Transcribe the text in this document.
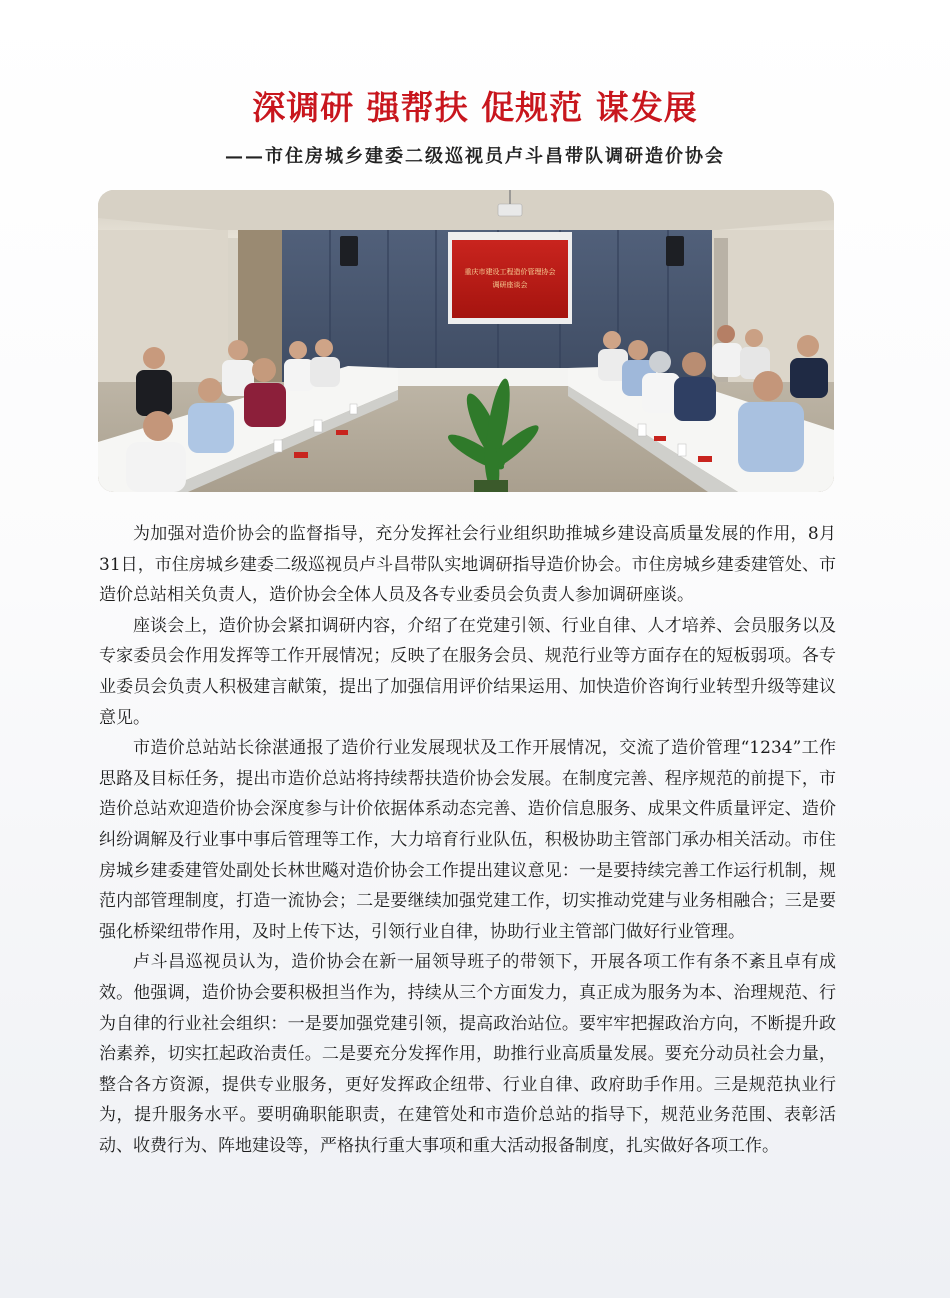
深调研 强帮扶 促规范 谋发展
——市住房城乡建委二级巡视员卢斗昌带队调研造价协会
重庆市建设工程造价管理协会
调研座谈会

为加强对造价协会的监督指导，充分发挥社会行业组织助推城乡建设高质量发展的作用，8月31日，市住房城乡建委二级巡视员卢斗昌带队实地调研指导造价协会。市住房城乡建委建管处、市造价总站相关负责人，造价协会全体人员及各专业委员会负责人参加调研座谈。

座谈会上，造价协会紧扣调研内容，介绍了在党建引领、行业自律、人才培养、会员服务以及专家委员会作用发挥等工作开展情况；反映了在服务会员、规范行业等方面存在的短板弱项。各专业委员会负责人积极建言献策，提出了加强信用评价结果运用、加快造价咨询行业转型升级等建议意见。

市造价总站站长徐湛通报了造价行业发展现状及工作开展情况，交流了造价管理“1234”工作思路及目标任务，提出市造价总站将持续帮扶造价协会发展。在制度完善、程序规范的前提下，市造价总站欢迎造价协会深度参与计价依据体系动态完善、造价信息服务、成果文件质量评定、造价纠纷调解及行业事中事后管理等工作，大力培育行业队伍，积极协助主管部门承办相关活动。市住房城乡建委建管处副处长林世飚对造价协会工作提出建议意见：一是要持续完善工作运行机制，规范内部管理制度，打造一流协会；二是要继续加强党建工作，切实推动党建与业务相融合；三是要强化桥梁纽带作用，及时上传下达，引领行业自律，协助行业主管部门做好行业管理。

卢斗昌巡视员认为，造价协会在新一届领导班子的带领下，开展各项工作有条不紊且卓有成效。他强调，造价协会要积极担当作为，持续从三个方面发力，真正成为服务为本、治理规范、行为自律的行业社会组织：一是要加强党建引领，提高政治站位。要牢牢把握政治方向，不断提升政治素养，切实扛起政治责任。二是要充分发挥作用，助推行业高质量发展。要充分动员社会力量，整合各方资源，提供专业服务，更好发挥政企纽带、行业自律、政府助手作用。三是规范执业行为，提升服务水平。要明确职能职责，在建管处和市造价总站的指导下，规范业务范围、表彰活动、收费行为、阵地建设等，严格执行重大事项和重大活动报备制度，扎实做好各项工作。
